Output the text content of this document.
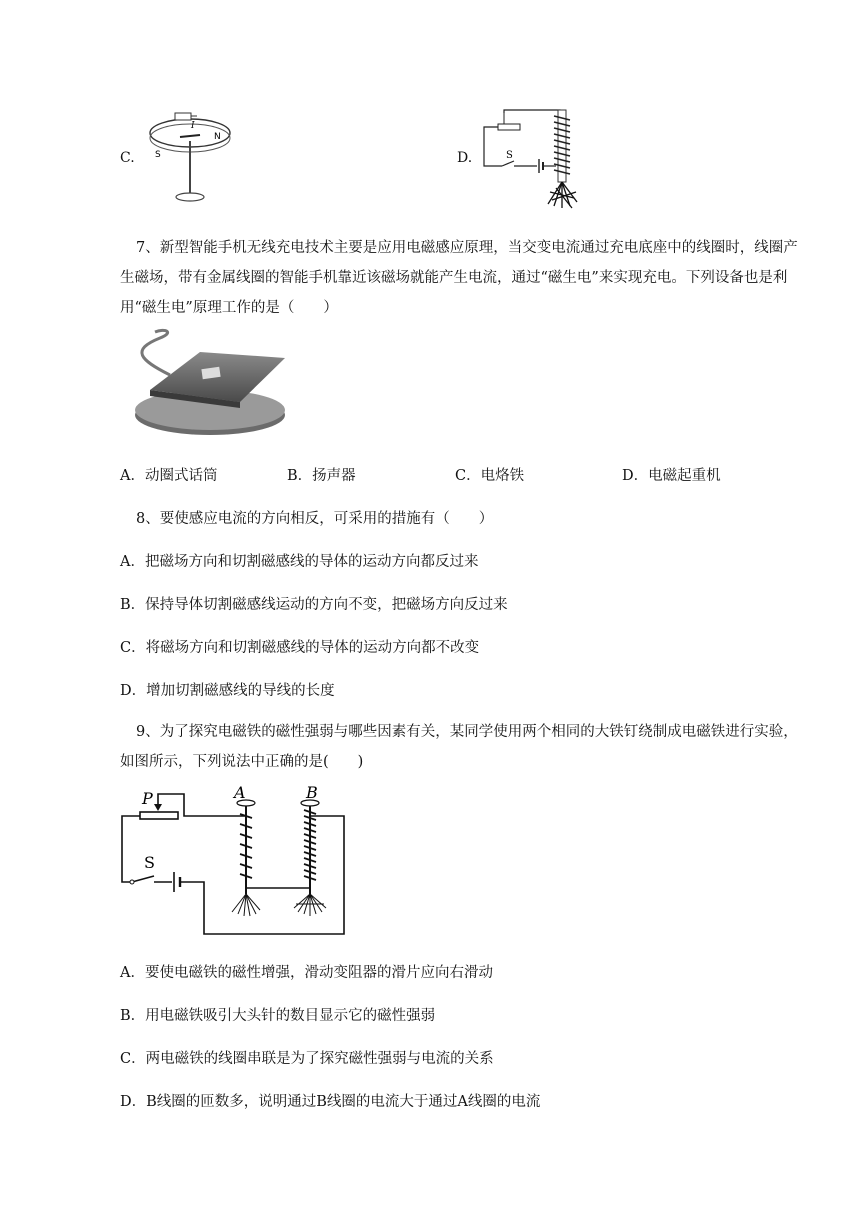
C. S
N
I
D.	S
7、新型智能手机无线充电技术主要是应用电磁感应原理，当交变电流通过充电底座中的线圈时，线圈产生磁场，带有金属线圈的智能手机靠近该磁场就能产生电流，通过“磁生电”来实现充电。下列设备也是利用“磁生电”原理工作的是（　　）
A．动圈式话筒	B．扬声器	C．电烙铁	D．电磁起重机
8、要使感应电流的方向相反，可采用的措施有（　　）
A．把磁场方向和切割磁感线的导体的运动方向都反过来
B．保持导体切割磁感线运动的方向不变，把磁场方向反过来
C．将磁场方向和切割磁感线的导体的运动方向都不改变
D．增加切割磁感线的导线的长度
9、为了探究电磁铁的磁性强弱与哪些因素有关，某同学使用两个相同的大铁钉绕制成电磁铁进行实验，如图所示，下列说法中正确的是(　　)
P	A	B
S
A．要使电磁铁的磁性增强，滑动变阻器的滑片应向右滑动
B．用电磁铁吸引大头针的数目显示它的磁性强弱
C．两电磁铁的线圈串联是为了探究磁性强弱与电流的关系
D．B线圈的匝数多，说明通过B线圈的电流大于通过A线圈的电流
